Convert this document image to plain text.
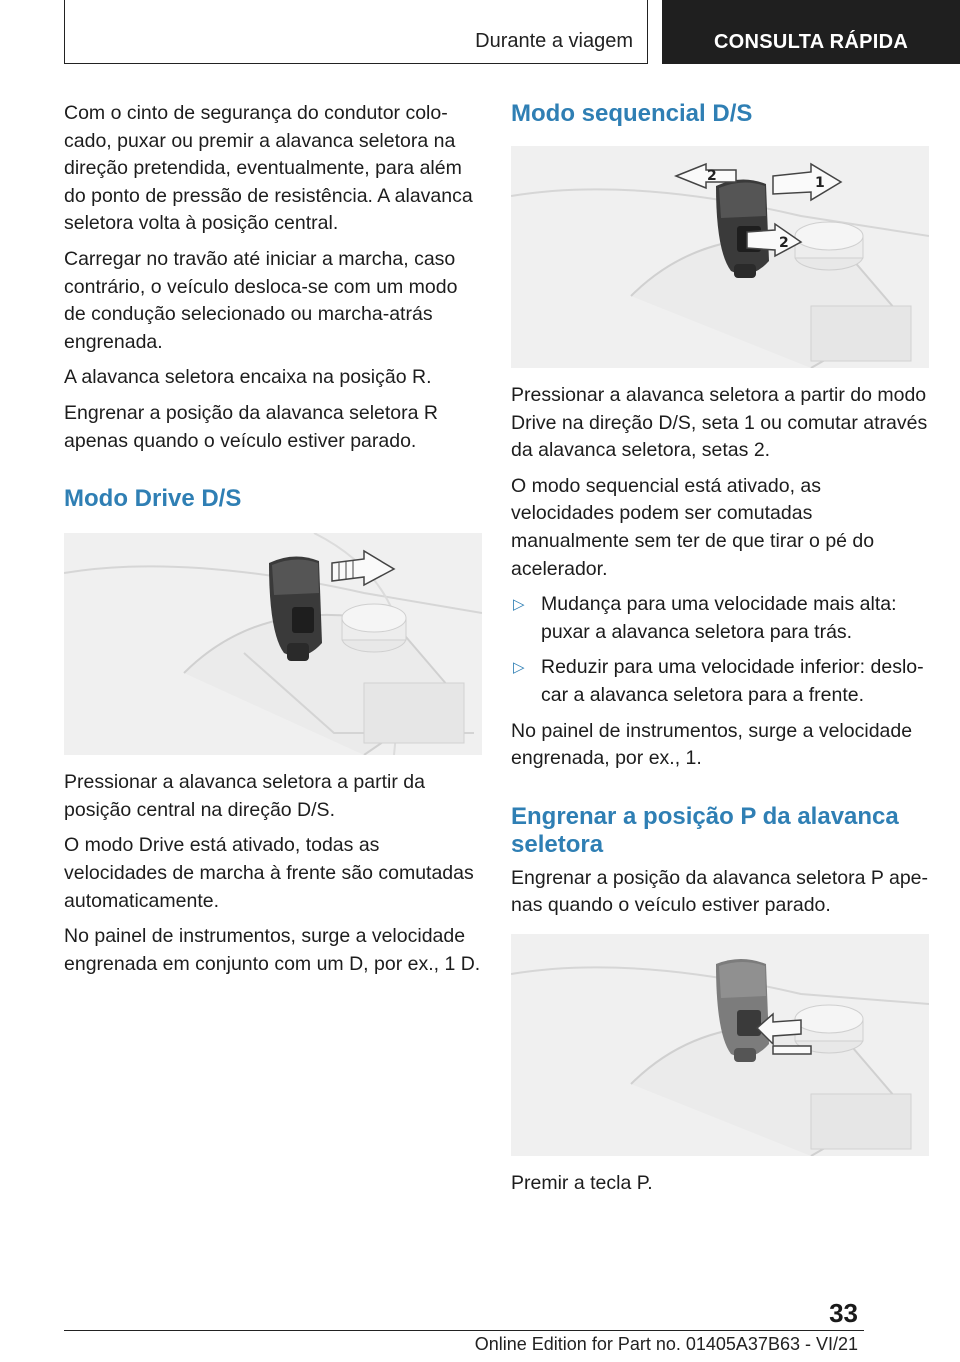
Durante a viagem	CONSULTA RÁPIDA

Com o cinto de segurança do condutor colocado, puxar ou premir a alavanca seletora na direção pretendida, eventualmente, para além do ponto de pressão de resistência. A alavanca seletora volta à posição central.

Carregar no travão até iniciar a marcha, caso contrário, o veículo desloca-se com um modo de condução selecionado ou marcha-atrás engrenada.

A alavanca seletora encaixa na posição R.

Engrenar a posição da alavanca seletora R apenas quando o veículo estiver parado.

Modo Drive D/S

Pressionar a alavanca seletora a partir da posição central na direção D/S.

O modo Drive está ativado, todas as velocidades de marcha à frente são comutadas automaticamente.

No painel de instrumentos, surge a velocidade engrenada em conjunto com um D, por ex., 1 D.

Modo sequencial D/S
2	1
2

Pressionar a alavanca seletora a partir do modo Drive na direção D/S, seta 1 ou comutar através da alavanca seletora, setas 2.

O modo sequencial está ativado, as velocidades podem ser comutadas manualmente sem ter de que tirar o pé do acelerador.

▷ Mudança para uma velocidade mais alta: puxar a alavanca seletora para trás.
▷ Reduzir para uma velocidade inferior: deslocar a alavanca seletora para a frente.

No painel de instrumentos, surge a velocidade engrenada, por ex., 1.

Engrenar a posição P da alavanca seletora

Engrenar a posição da alavanca seletora P apenas quando o veículo estiver parado.

Premir a tecla P.

33
Online Edition for Part no. 01405A37B63 - VI/21
